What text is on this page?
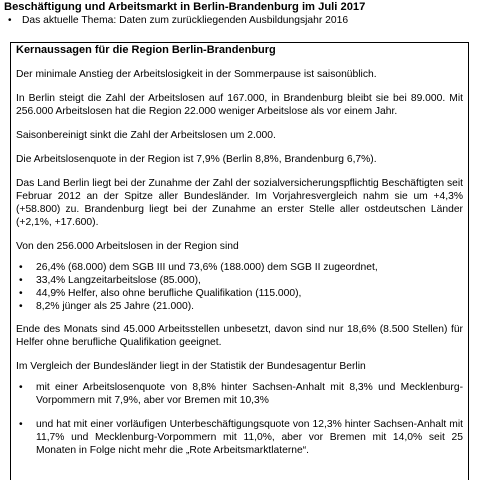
Beschäftigung und Arbeitsmarkt in Berlin-Brandenburg im Juli 2017
• Das aktuelle Thema: Daten zum zurückliegenden Ausbildungsjahr 2016
Kernaussagen für die Region Berlin-Brandenburg

Der minimale Anstieg der Arbeitslosigkeit in der Sommerpause ist saisonüblich.

In Berlin steigt die Zahl der Arbeitslosen auf 167.000, in Brandenburg bleibt sie bei 89.000. Mit 256.000 Arbeitslosen hat die Region 22.000 weniger Arbeitslose als vor einem Jahr.

Saisonbereinigt sinkt die Zahl der Arbeitslosen um 2.000.

Die Arbeitslosenquote in der Region ist 7,9% (Berlin 8,8%, Brandenburg 6,7%).

Das Land Berlin liegt bei der Zunahme der Zahl der sozialversicherungspflichtig Beschäftigten seit Februar 2012 an der Spitze aller Bundesländer. Im Vorjahresvergleich nahm sie um +4,3% (+58.800) zu. Brandenburg liegt bei der Zunahme an erster Stelle aller ostdeutschen Länder (+2,1%, +17.600).

Von den 256.000 Arbeitslosen in der Region sind

• 26,4% (68.000) dem SGB III und 73,6% (188.000) dem SGB II zugeordnet,
• 33,4% Langzeitarbeitslose (85.000),
• 44,9% Helfer, also ohne berufliche Qualifikation (115.000),
• 8,2% jünger als 25 Jahre (21.000).

Ende des Monats sind 45.000 Arbeitsstellen unbesetzt, davon sind nur 18,6% (8.500 Stellen) für Helfer ohne berufliche Qualifikation geeignet.

Im Vergleich der Bundesländer liegt in der Statistik der Bundesagentur Berlin

• mit einer Arbeitslosenquote von 8,8% hinter Sachsen-Anhalt mit 8,3% und Mecklenburg-Vorpommern mit 7,9%, aber vor Bremen mit 10,3%
• und hat mit einer vorläufigen Unterbeschäftigungsquote von 12,3% hinter Sachsen-Anhalt mit 11,7% und Mecklenburg-Vorpommern mit 11,0%, aber vor Bremen mit 14,0% seit 25 Monaten in Folge nicht mehr die „Rote Arbeitsmarktlaterne“.
